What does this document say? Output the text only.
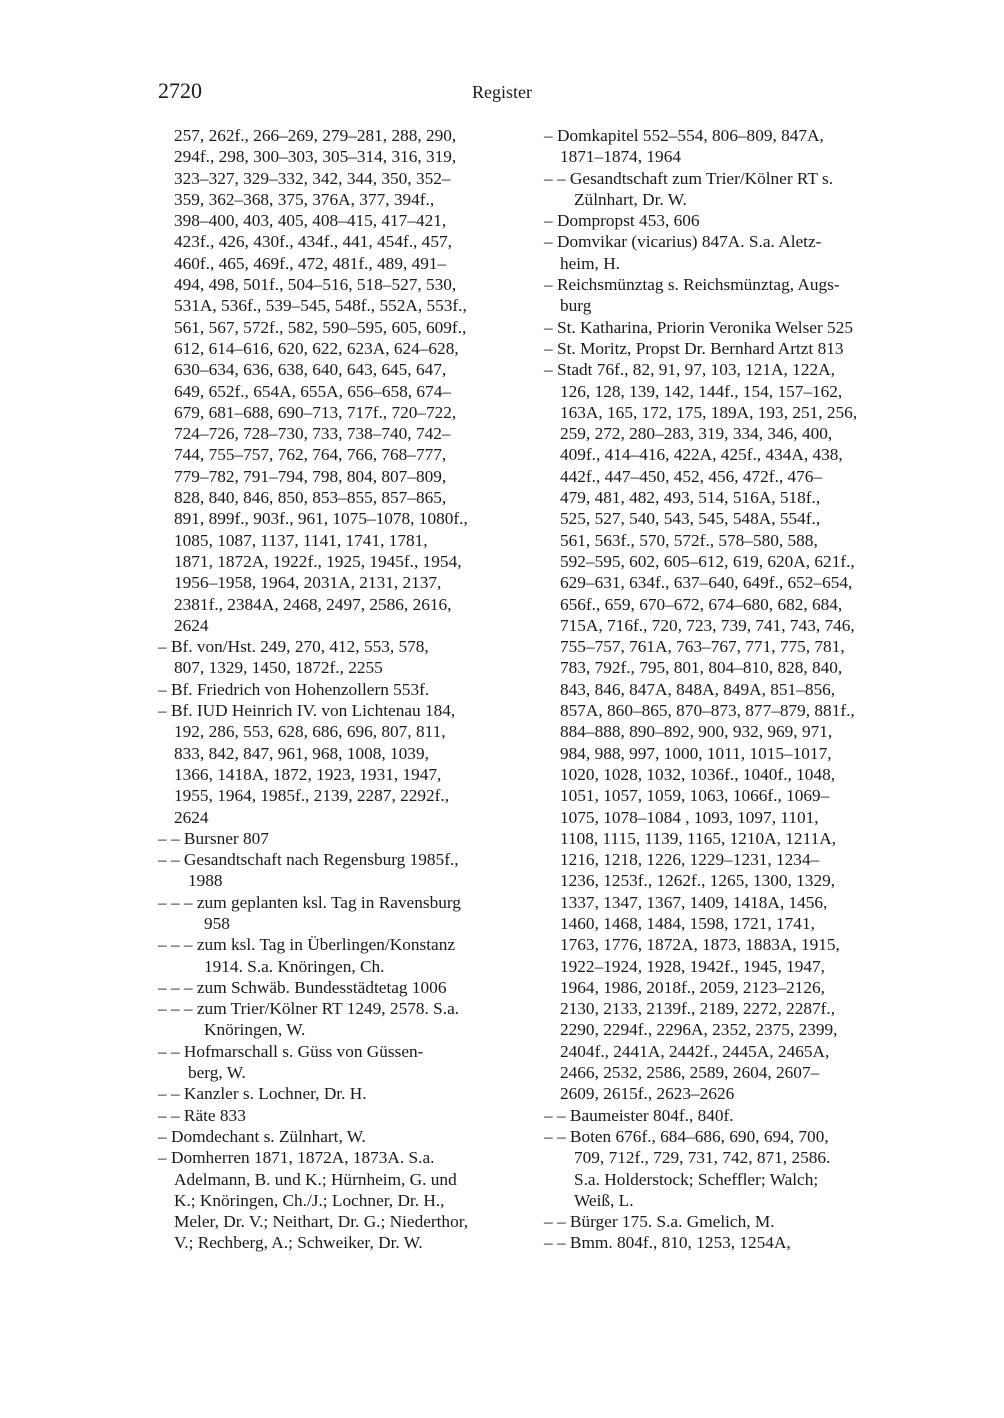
2720	Register
257, 262f., 266–269, 279–281, 288, 290,
294f., 298, 300–303, 305–314, 316, 319,
323–327, 329–332, 342, 344, 350, 352–
359, 362–368, 375, 376A, 377, 394f.,
398–400, 403, 405, 408–415, 417–421,
423f., 426, 430f., 434f., 441, 454f., 457,
460f., 465, 469f., 472, 481f., 489, 491–
494, 498, 501f., 504–516, 518–527, 530,
531A, 536f., 539–545, 548f., 552A, 553f.,
561, 567, 572f., 582, 590–595, 605, 609f.,
612, 614–616, 620, 622, 623A, 624–628,
630–634, 636, 638, 640, 643, 645, 647,
649, 652f., 654A, 655A, 656–658, 674–
679, 681–688, 690–713, 717f., 720–722,
724–726, 728–730, 733, 738–740, 742–
744, 755–757, 762, 764, 766, 768–777,
779–782, 791–794, 798, 804, 807–809,
828, 840, 846, 850, 853–855, 857–865,
891, 899f., 903f., 961, 1075–1078, 1080f.,
1085, 1087, 1137, 1141, 1741, 1781,
1871, 1872A, 1922f., 1925, 1945f., 1954,
1956–1958, 1964, 2031A, 2131, 2137,
2381f., 2384A, 2468, 2497, 2586, 2616,
2624
– Bf. von/Hst. 249, 270, 412, 553, 578,
807, 1329, 1450, 1872f., 2255
– Bf. Friedrich von Hohenzollern 553f.
– Bf. IUD Heinrich IV. von Lichtenau 184,
192, 286, 553, 628, 686, 696, 807, 811,
833, 842, 847, 961, 968, 1008, 1039,
1366, 1418A, 1872, 1923, 1931, 1947,
1955, 1964, 1985f., 2139, 2287, 2292f.,
2624
– – Bursner 807
– – Gesandtschaft nach Regensburg 1985f.,
1988
– – – zum geplanten ksl. Tag in Ravensburg
958
– – – zum ksl. Tag in Überlingen/Konstanz
1914. S.a. Knöringen, Ch.
– – – zum Schwäb. Bundesstädtetag 1006
– – – zum Trier/Kölner RT 1249, 2578. S.a.
Knöringen, W.
– – Hofmarschall s. Güss von Güssen-
berg, W.
– – Kanzler s. Lochner, Dr. H.
– – Räte 833
– Domdechant s. Zülnhart, W.
– Domherren 1871, 1872A, 1873A. S.a.
Adelmann, B. und K.; Hürnheim, G. und
K.; Knöringen, Ch./J.; Lochner, Dr. H.,
Meler, Dr. V.; Neithart, Dr. G.; Niederthor,
V.; Rechberg, A.; Schweiker, Dr. W.
– Domkapitel 552–554, 806–809, 847A,
1871–1874, 1964
– – Gesandtschaft zum Trier/Kölner RT s.
Zülnhart, Dr. W.
– Dompropst 453, 606
– Domvikar (vicarius) 847A. S.a. Aletz-
heim, H.
– Reichsmünztag s. Reichsmünztag, Augs-
burg
– St. Katharina, Priorin Veronika Welser 525
– St. Moritz, Propst Dr. Bernhard Artzt 813
– Stadt 76f., 82, 91, 97, 103, 121A, 122A,
126, 128, 139, 142, 144f., 154, 157–162,
163A, 165, 172, 175, 189A, 193, 251, 256,
259, 272, 280–283, 319, 334, 346, 400,
409f., 414–416, 422A, 425f., 434A, 438,
442f., 447–450, 452, 456, 472f., 476–
479, 481, 482, 493, 514, 516A, 518f.,
525, 527, 540, 543, 545, 548A, 554f.,
561, 563f., 570, 572f., 578–580, 588,
592–595, 602, 605–612, 619, 620A, 621f.,
629–631, 634f., 637–640, 649f., 652–654,
656f., 659, 670–672, 674–680, 682, 684,
715A, 716f., 720, 723, 739, 741, 743, 746,
755–757, 761A, 763–767, 771, 775, 781,
783, 792f., 795, 801, 804–810, 828, 840,
843, 846, 847A, 848A, 849A, 851–856,
857A, 860–865, 870–873, 877–879, 881f.,
884–888, 890–892, 900, 932, 969, 971,
984, 988, 997, 1000, 1011, 1015–1017,
1020, 1028, 1032, 1036f., 1040f., 1048,
1051, 1057, 1059, 1063, 1066f., 1069–
1075, 1078–1084 , 1093, 1097, 1101,
1108, 1115, 1139, 1165, 1210A, 1211A,
1216, 1218, 1226, 1229–1231, 1234–
1236, 1253f., 1262f., 1265, 1300, 1329,
1337, 1347, 1367, 1409, 1418A, 1456,
1460, 1468, 1484, 1598, 1721, 1741,
1763, 1776, 1872A, 1873, 1883A, 1915,
1922–1924, 1928, 1942f., 1945, 1947,
1964, 1986, 2018f., 2059, 2123–2126,
2130, 2133, 2139f., 2189, 2272, 2287f.,
2290, 2294f., 2296A, 2352, 2375, 2399,
2404f., 2441A, 2442f., 2445A, 2465A,
2466, 2532, 2586, 2589, 2604, 2607–
2609, 2615f., 2623–2626
– – Baumeister 804f., 840f.
– – Boten 676f., 684–686, 690, 694, 700,
709, 712f., 729, 731, 742, 871, 2586.
S.a. Holderstock; Scheffler; Walch;
Weiß, L.
– – Bürger 175. S.a. Gmelich, M.
– – Bmm. 804f., 810, 1253, 1254A,
